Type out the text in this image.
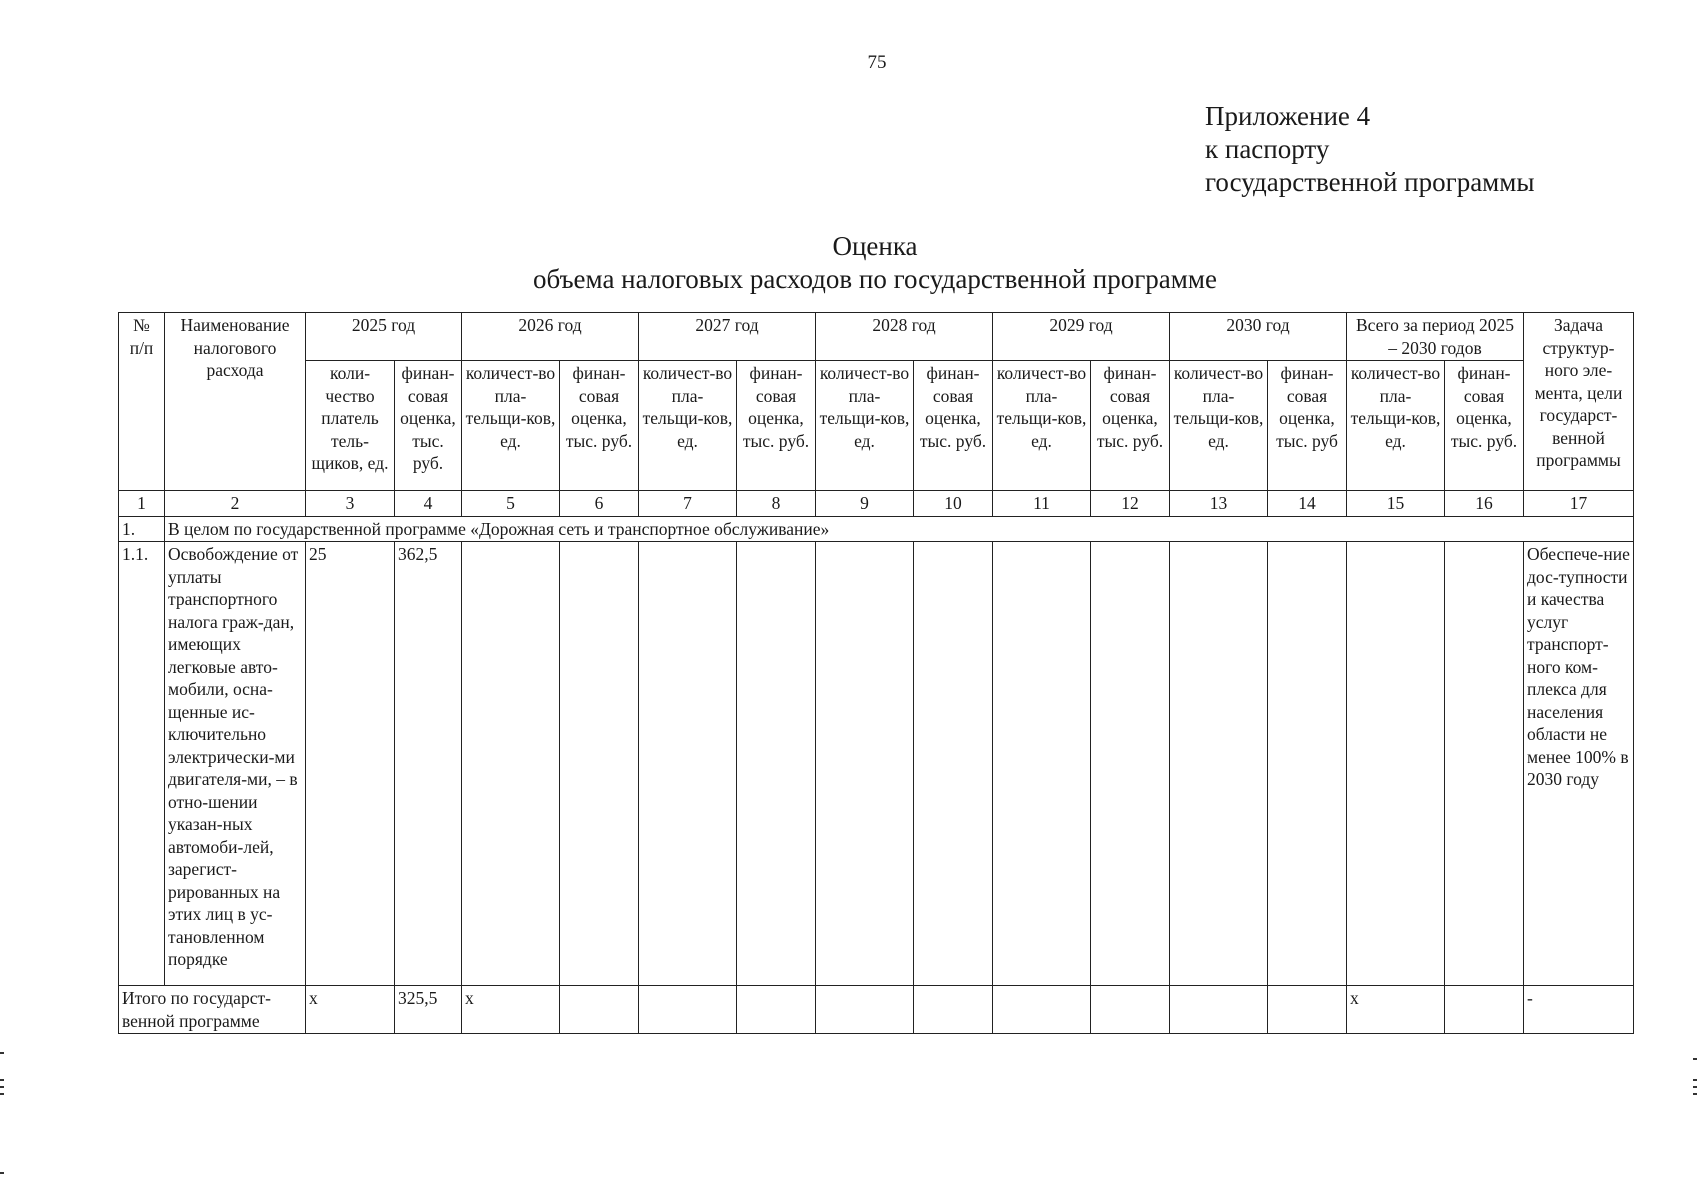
75
Приложение 4
к паспорту
государственной программы
Оценка
объема налоговых расходов по государственной программе
№
п/п	Наименование налогового расхода	2025 год		2026 год		2027 год		2028 год		2029 год		2030 год		Всего за период 2025 – 2030 годов		Задача структур-ного эле-мента, цели государст-венной программы
		коли-чество платель тель-щиков, ед.	финан-совая оценка, тыс. руб.	количест-во пла-тельщи-ков, ед.	финан-совая оценка, тыс. руб.	количест-во пла-тельщи-ков, ед.	финан-совая оценка, тыс. руб.	количест-во пла-тельщи-ков, ед.	финан-совая оценка, тыс. руб.	количест-во пла-тельщи-ков, ед.	финан-совая оценка, тыс. руб.	количест-во пла-тельщи-ков, ед.	финан-совая оценка, тыс. руб	количест-во пла-тельщи-ков, ед.	финан-совая оценка, тыс. руб.	
1	2	3	4	5	6	7	8	9	10	11	12	13	14	15	16	17
1.	В целом по государственной программе «Дорожная сеть и транспортное обслуживание»															
1.1.	Освобождение от уплаты транспортного налога граж-дан, имеющих легковые авто-мобили, осна-щенные ис-ключительно электрически-ми двигателя-ми, – в отно-шении указан-ных автомоби-лей, зарегист-рированных на этих лиц в ус-тановленном порядке	25	362,5													Обеспече-ние дос-тупности и качества услуг транспорт-ного ком-плекса для населения области не менее 100% в 2030 году
Итого по государст-венной программе		х	325,5	х										х		-
